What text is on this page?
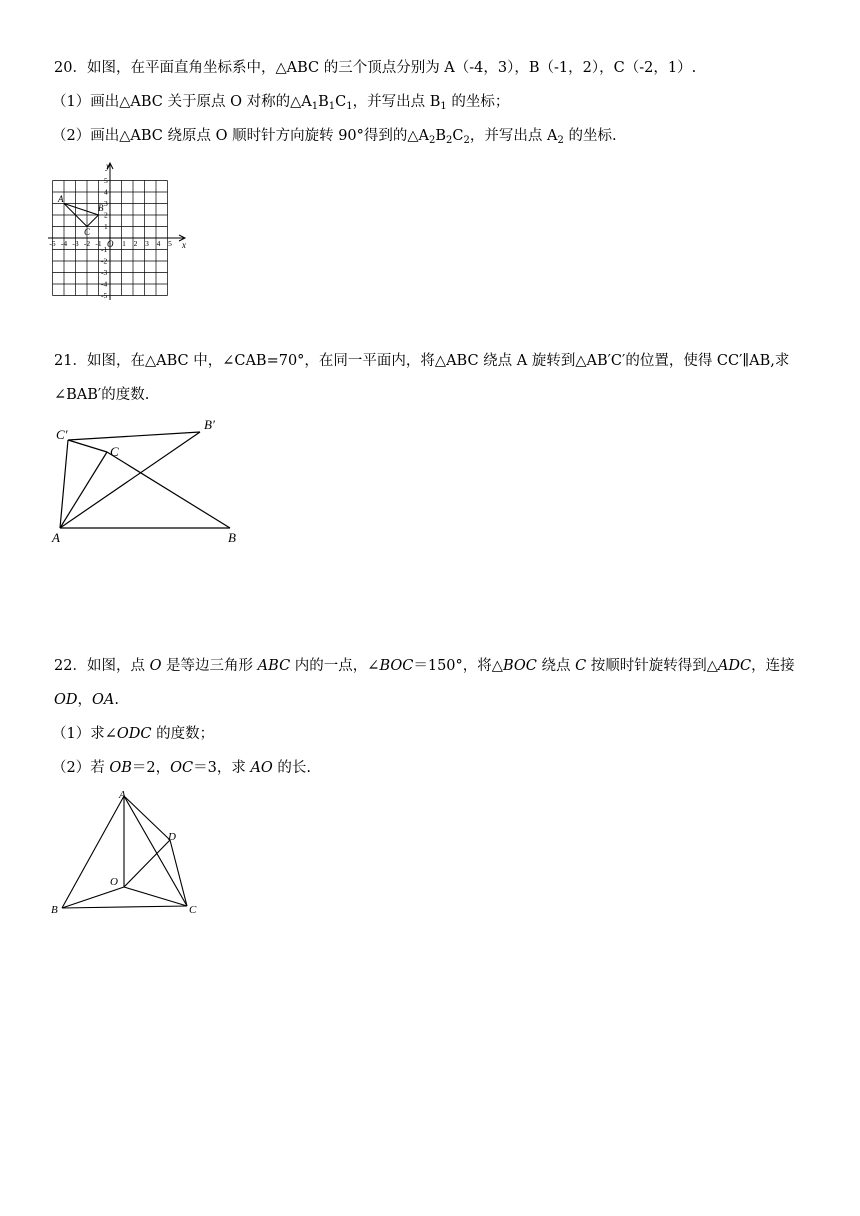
20．如图，在平面直角坐标系中，△ABC 的三个顶点分别为 A（-4，3），B（-1，2），C（-2，1）.
（1）画出△ABC 关于原点 O 对称的$\triangle A_1B_1C_1$，并写出点 $B_1$ 的坐标；
（2）画出△ABC 绕原点 O 顺时针方向旋转 90°得到的$\triangle A_2B_2C_2$，并写出点 $A_2$ 的坐标.
x
y
O
-5 -4 -3 -2 -1	1 2 3 4 5
5
4
3
2
1
-1
-2
-3
-4
-5
A
B
C
21．如图，在△ABC 中，∠CAB=70°，在同一平面内，将△ABC 绕点 A 旋转到△AB′C′的位置，使得 CC′∥AB,求
∠BAB′的度数.
A	B
C
C′
B′
22．如图，点 O 是等边三角形 ABC 内的一点，∠BOC＝150°，将△BOC 绕点 C 按顺时针旋转得到△ADC，连接
OD，OA.
（1）求∠ODC 的度数；
（2）若 OB＝2，OC＝3，求 AO 的长.
A
B	C
D
O
